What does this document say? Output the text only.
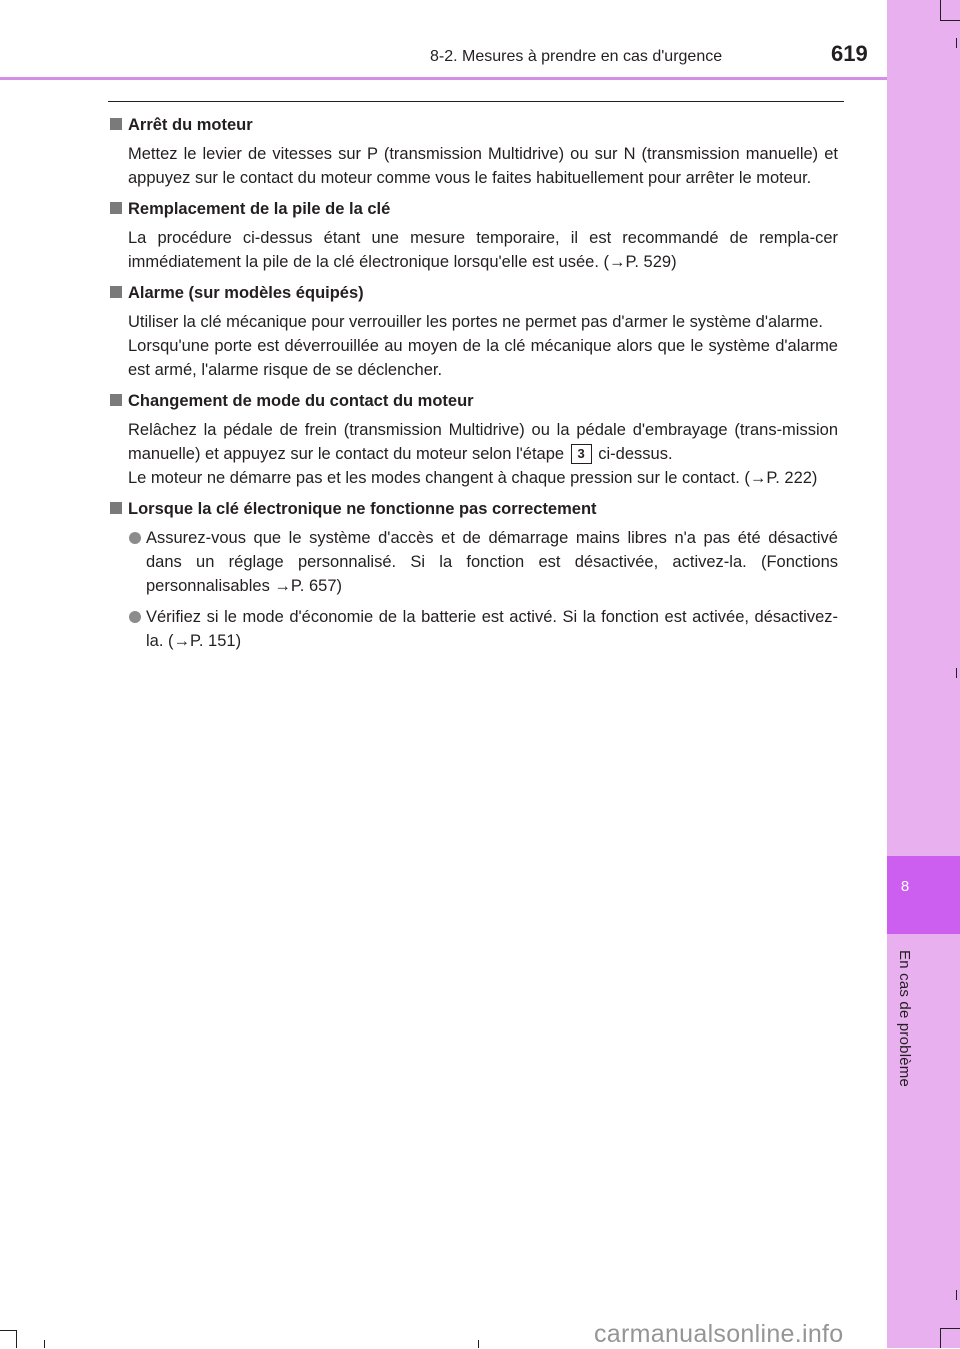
8
En cas de problème
8-2. Mesures à prendre en cas d'urgence	619
Arrêt du moteur

Mettez le levier de vitesses sur P (transmission Multidrive) ou sur N (transmission manuelle) et appuyez sur le contact du moteur comme vous le faites habituellement pour arrêter le moteur.

Remplacement de la pile de la clé

La procédure ci-dessus étant une mesure temporaire, il est recommandé de rempla-cer immédiatement la pile de la clé électronique lorsqu'elle est usée. (→P. 529)

Alarme (sur modèles équipés)

Utiliser la clé mécanique pour verrouiller les portes ne permet pas d'armer le système d'alarme.

Lorsqu'une porte est déverrouillée au moyen de la clé mécanique alors que le système d'alarme est armé, l'alarme risque de se déclencher.

Changement de mode du contact du moteur

Relâchez la pédale de frein (transmission Multidrive) ou la pédale d'embrayage (trans-mission manuelle) et appuyez sur le contact du moteur selon l'étape 3 ci-dessus.

Le moteur ne démarre pas et les modes changent à chaque pression sur le contact. (→P. 222)

Lorsque la clé électronique ne fonctionne pas correctement
Assurez-vous que le système d'accès et de démarrage mains libres n'a pas été désactivé dans un réglage personnalisé. Si la fonction est désactivée, activez-la. (Fonctions personnalisables →P. 657)
Vérifiez si le mode d'économie de la batterie est activé. Si la fonction est activée, désactivez-la. (→P. 151)
carmanualsonline.info
